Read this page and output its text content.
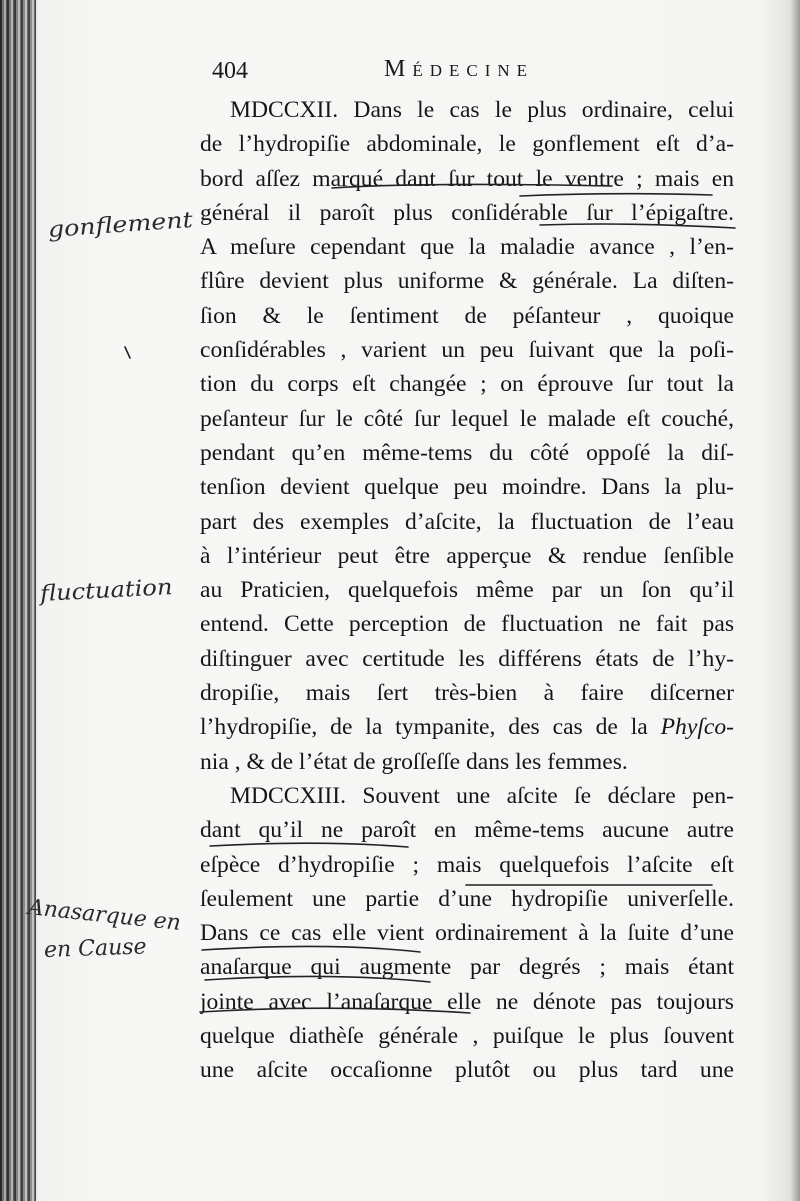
404	Médecine
MDCCXII. Dans le cas le plus ordinaire, celui
de l’hydropiſie abdominale, le gonflement eſt d’a-
bord aſſez marqué dant ſur tout le ventre ; mais en
général il paroît plus conſidérable ſur l’épigaſtre.
A meſure cependant que la maladie avance , l’en-
flûre devient plus uniforme & générale. La diſten-
ſion & le ſentiment de péſanteur , quoique
conſidérables , varient un peu ſuivant que la poſi-
tion du corps eſt changée ; on éprouve ſur tout la
peſanteur ſur le côté ſur lequel le malade eſt couché,
pendant qu’en même-tems du côté oppoſé la diſ-
tenſion devient quelque peu moindre. Dans la plu-
part des exemples d’aſcite, la fluctuation de l’eau
à l’intérieur peut être apperçue & rendue ſenſible
au Praticien, quelquefois même par un ſon qu’il
entend. Cette perception de fluctuation ne fait pas
diſtinguer avec certitude les différens états de l’hy-
dropiſie, mais ſert très-bien à faire diſcerner
l’hydropiſie, de la tympanite, des cas de la Phyſco-
nia , & de l’état de groſſeſſe dans les femmes.
MDCCXIII. Souvent une aſcite ſe déclare pen-
dant qu’il ne paroît en même-tems aucune autre
eſpèce d’hydropiſie ; mais quelquefois l’aſcite eſt
ſeulement une partie d’une hydropiſie univerſelle.
Dans ce cas elle vient ordinairement à la ſuite d’une
anaſarque qui augmente par degrés ; mais étant
jointe avec l’anaſarque elle ne dénote pas toujours
quelque diathèſe générale , puiſque le plus ſouvent
une aſcite occaſionne plutôt ou plus tard une
gonflement
fluctuation
Anasarque en
en Cause
